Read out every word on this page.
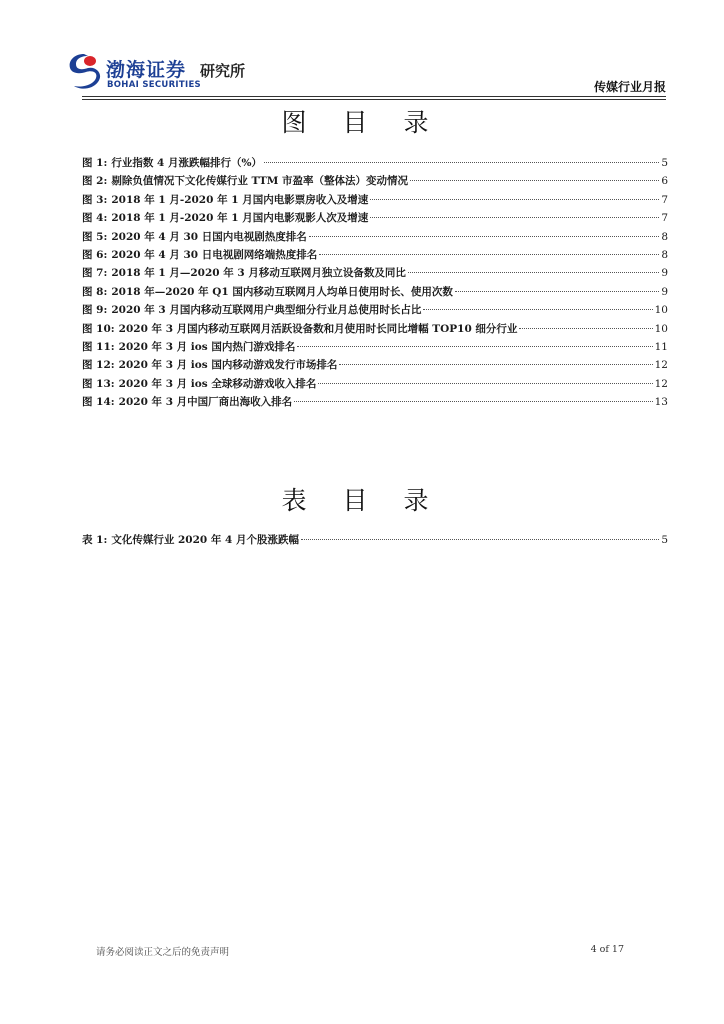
渤海证券
BOHAI SECURITIES
研究所
传媒行业月报
图 目 录
图 1: 行业指数 4 月涨跌幅排行（%）	5
图 2: 剔除负值情况下文化传媒行业 TTM 市盈率（整体法）变动情况	6
图 3: 2018 年 1 月-2020 年 1 月国内电影票房收入及增速	7
图 4: 2018 年 1 月-2020 年 1 月国内电影观影人次及增速	7
图 5: 2020 年 4 月 30 日国内电视剧热度排名	8
图 6: 2020 年 4 月 30 日电视剧网络端热度排名	8
图 7: 2018 年 1 月—2020 年 3 月移动互联网月独立设备数及同比	9
图 8: 2018 年—2020 年 Q1 国内移动互联网月人均单日使用时长、使用次数	9
图 9: 2020 年 3 月国内移动互联网用户典型细分行业月总使用时长占比	10
图 10: 2020 年 3 月国内移动互联网月活跃设备数和月使用时长同比增幅 TOP10 细分行业	10
图 11: 2020 年 3 月 ios 国内热门游戏排名	11
图 12: 2020 年 3 月 ios 国内移动游戏发行市场排名	12
图 13: 2020 年 3 月 ios 全球移动游戏收入排名	12
图 14: 2020 年 3 月中国厂商出海收入排名	13
表 目 录
表 1: 文化传媒行业 2020 年 4 月个股涨跌幅	5
请务必阅读正文之后的免责声明	4 of 17
